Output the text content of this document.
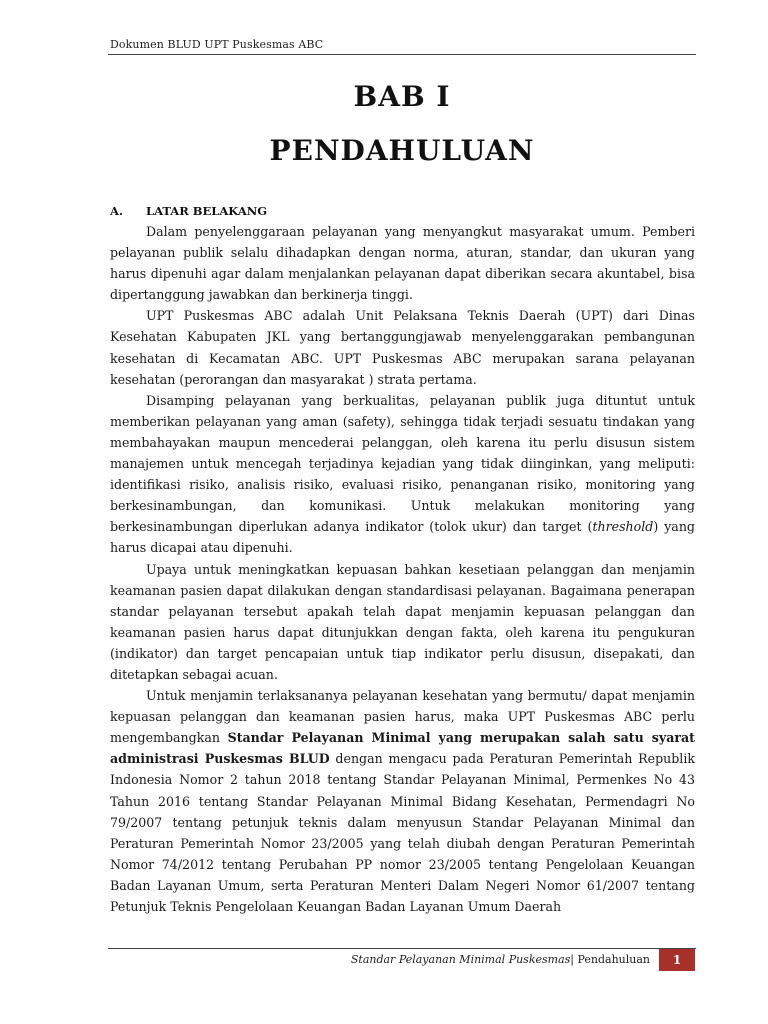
Dokumen BLUD UPT Puskesmas ABC
BAB I
PENDAHULUAN
A. LATAR BELAKANG

Dalam penyelenggaraan pelayanan yang menyangkut masyarakat umum. Pemberi pelayanan publik selalu dihadapkan dengan norma, aturan, standar, dan ukuran yang harus dipenuhi agar dalam menjalankan pelayanan dapat diberikan secara akuntabel, bisa dipertanggung jawabkan dan berkinerja tinggi.

UPT Puskesmas ABC adalah Unit Pelaksana Teknis Daerah (UPT) dari Dinas Kesehatan Kabupaten JKL yang bertanggungjawab menyelenggarakan pembangunan kesehatan di Kecamatan ABC. UPT Puskesmas ABC merupakan sarana pelayanan kesehatan (perorangan dan masyarakat ) strata pertama.

Disamping pelayanan yang berkualitas, pelayanan publik juga dituntut untuk memberikan pelayanan yang aman (safety), sehingga tidak terjadi sesuatu tindakan yang membahayakan maupun mencederai pelanggan, oleh karena itu perlu disusun sistem manajemen untuk mencegah terjadinya kejadian yang tidak diinginkan, yang meliputi: identifikasi risiko, analisis risiko, evaluasi risiko, penanganan risiko, monitoring yang berkesinambungan, dan komunikasi. Untuk melakukan monitoring yang berkesinambungan diperlukan adanya indikator (tolok ukur) dan target (threshold) yang harus dicapai atau dipenuhi.

Upaya untuk meningkatkan kepuasan bahkan kesetiaan pelanggan dan menjamin keamanan pasien dapat dilakukan dengan standardisasi pelayanan. Bagaimana penerapan standar pelayanan tersebut apakah telah dapat menjamin kepuasan pelanggan dan keamanan pasien harus dapat ditunjukkan dengan fakta, oleh karena itu pengukuran (indikator) dan target pencapaian untuk tiap indikator perlu disusun, disepakati, dan ditetapkan sebagai acuan.

Untuk menjamin terlaksananya pelayanan kesehatan yang bermutu/ dapat menjamin kepuasan pelanggan dan keamanan pasien harus, maka UPT Puskesmas ABC perlu mengembangkan Standar Pelayanan Minimal yang merupakan salah satu syarat administrasi Puskesmas BLUD dengan mengacu pada Peraturan Pemerintah Republik Indonesia Nomor 2 tahun 2018 tentang Standar Pelayanan Minimal, Permenkes No 43 Tahun 2016 tentang Standar Pelayanan Minimal Bidang Kesehatan, Permendagri No 79/2007 tentang petunjuk teknis dalam menyusun Standar Pelayanan Minimal dan Peraturan Pemerintah Nomor 23/2005 yang telah diubah dengan Peraturan Pemerintah Nomor 74/2012 tentang Perubahan PP nomor 23/2005 tentang Pengelolaan Keuangan Badan Layanan Umum, serta Peraturan Menteri Dalam Negeri Nomor 61/2007 tentang Petunjuk Teknis Pengelolaan Keuangan Badan Layanan Umum Daerah

Standar Pelayanan Minimal Puskesmas| Pendahuluan	1
